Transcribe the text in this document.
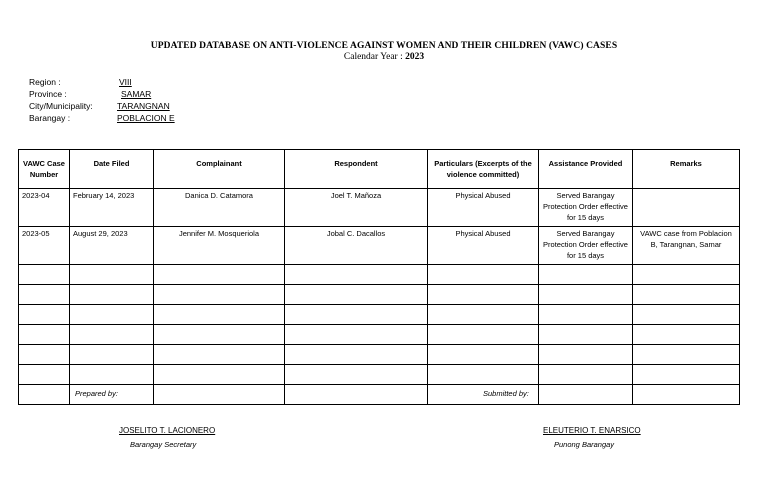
UPDATED DATABASE ON ANTI-VIOLENCE AGAINST WOMEN AND THEIR CHILDREN (VAWC) CASES
Calendar Year : 2023
Region :	VIII
Province :	SAMAR
City/Municipality:	TARANGNAN
Barangay :	POBLACION E
VAWC Case Number	Date Filed	Complainant	Respondent	Particulars (Excerpts of the violence committed)	Assistance Provided	Remarks
2023-04	February 14, 2023	Danica D. Catamora	Joel T. Mañoza	Physical Abused	Served Barangay Protection Order effective for 15 days	
2023-05	August 29, 2023	Jennifer M. Mosqueriola	Jobal C. Dacallos	Physical Abused	Served Barangay Protection Order effective for 15 days	VAWC case from Poblacion B, Tarangnan, Samar

Prepared by:	Submitted by:
JOSELITO T. LACIONERO
Barangay Secretary
ELEUTERIO T. ENARSICO
Punong Barangay
